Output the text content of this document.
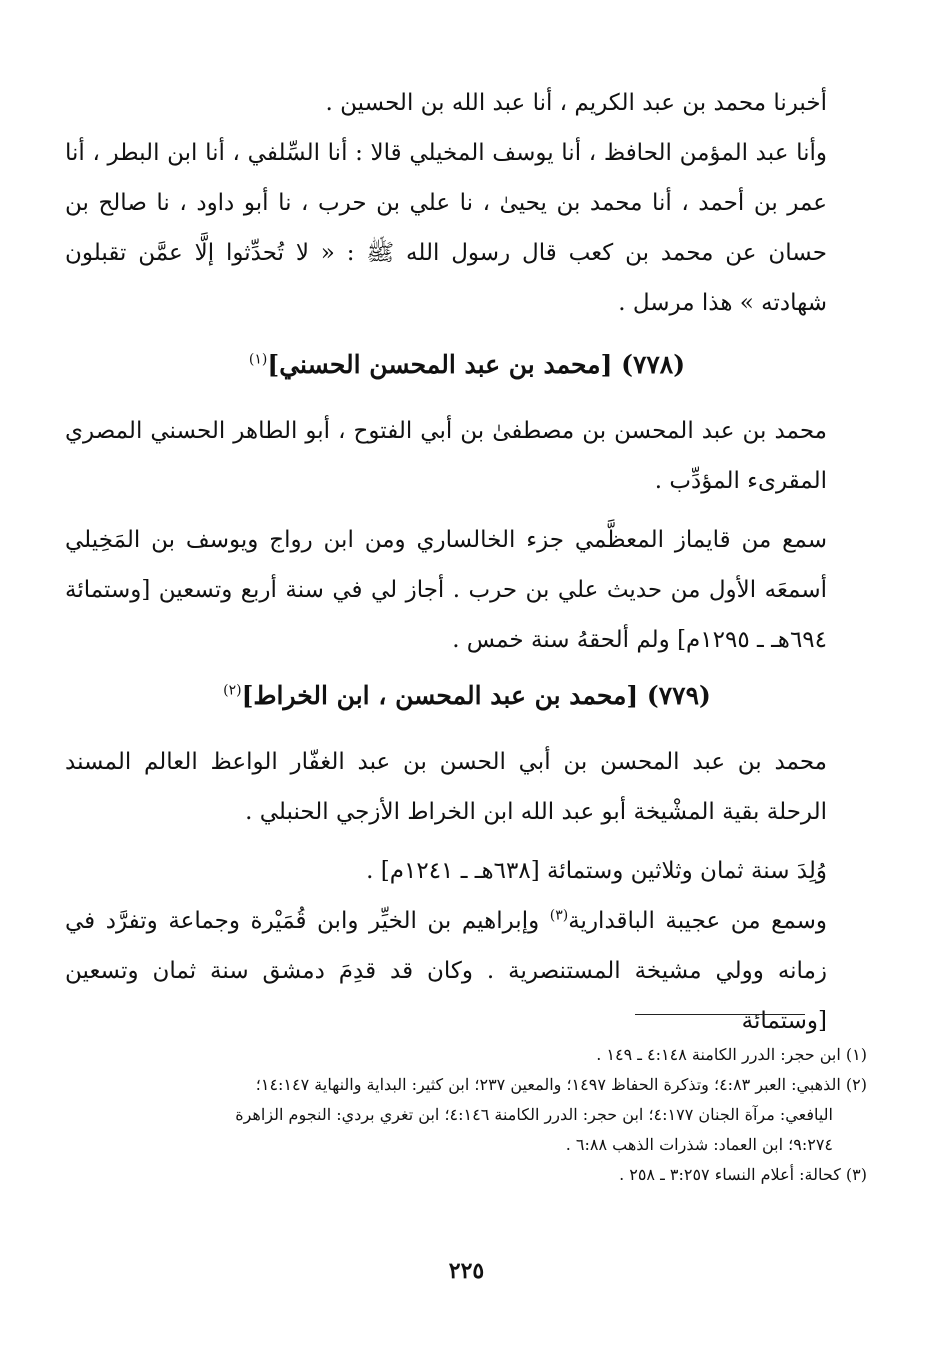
أخبرنا محمد بن عبد الكريم ، أنا عبد الله بن الحسين .

وأنا عبد المؤمن الحافظ ، أنا يوسف المخيلي قالا : أنا السِّلفي ، أنا ابن البطر ، أنا عمر بن أحمد ، أنا محمد بن يحيىٰ ، نا علي بن حرب ، نا أبو داود ، نا صالح بن حسان عن محمد بن كعب قال رسول الله ﷺ : « لا تُحدِّثوا إلَّا عمَّن تقبلون شهادته » هذا مرسل .

(٧٧٨) [محمد بن عبد المحسن الحسني]$^{(١)}$

محمد بن عبد المحسن بن مصطفىٰ بن أبي الفتوح ، أبو الطاهر الحسني المصري المقرىء المؤدِّب .

سمع من قايماز المعظَّمي جزء الخالساري ومن ابن رواج ويوسف بن المَخِيلي أسمعَه الأول من حديث علي بن حرب . أجاز لي في سنة أربع وتسعين [وستمائة ٦٩٤هـ ـ ١٢٩٥م] ولم ألحقهُ سنة خمس .

(٧٧٩) [محمد بن عبد المحسن ، ابن الخراط]$^{(٢)}$

محمد بن عبد المحسن بن أبي الحسن بن عبد الغفّار الواعظ العالم المسند الرحلة بقية المشْيخة أبو عبد الله ابن الخراط الأزجي الحنبلي .

وُلِدَ سنة ثمان وثلاثين وستمائة [٦٣٨هـ ـ ١٢٤١م] .

وسمع من عجيبة الباقدارية$^{(٣)}$ وإبراهيم بن الخيِّر وابن قُمَيْرة وجماعة وتفرَّد في زمانه وولي مشيخة المستنصرية . وكان قد قدِمَ دمشق سنة ثمان وتسعين [وستمائة

(١) ابن حجر: الدرر الكامنة ٤:١٤٨ ـ ١٤٩ .

(٢) الذهبي: العبر ٤:٨٣؛ وتذكرة الحفاظ ١٤٩٧؛ والمعين ٢٣٧؛ ابن كثير: البداية والنهاية ١٤:١٤٧؛

اليافعي: مرآة الجنان ٤:١٧٧؛ ابن حجر: الدرر الكامنة ٤:١٤٦؛ ابن تغري بردي: النجوم الزاهرة

٩:٢٧٤؛ ابن العماد: شذرات الذهب ٦:٨٨ .

(٣) كحالة: أعلام النساء ٣:٢٥٧ ـ ٢٥٨ .

٢٢٥
